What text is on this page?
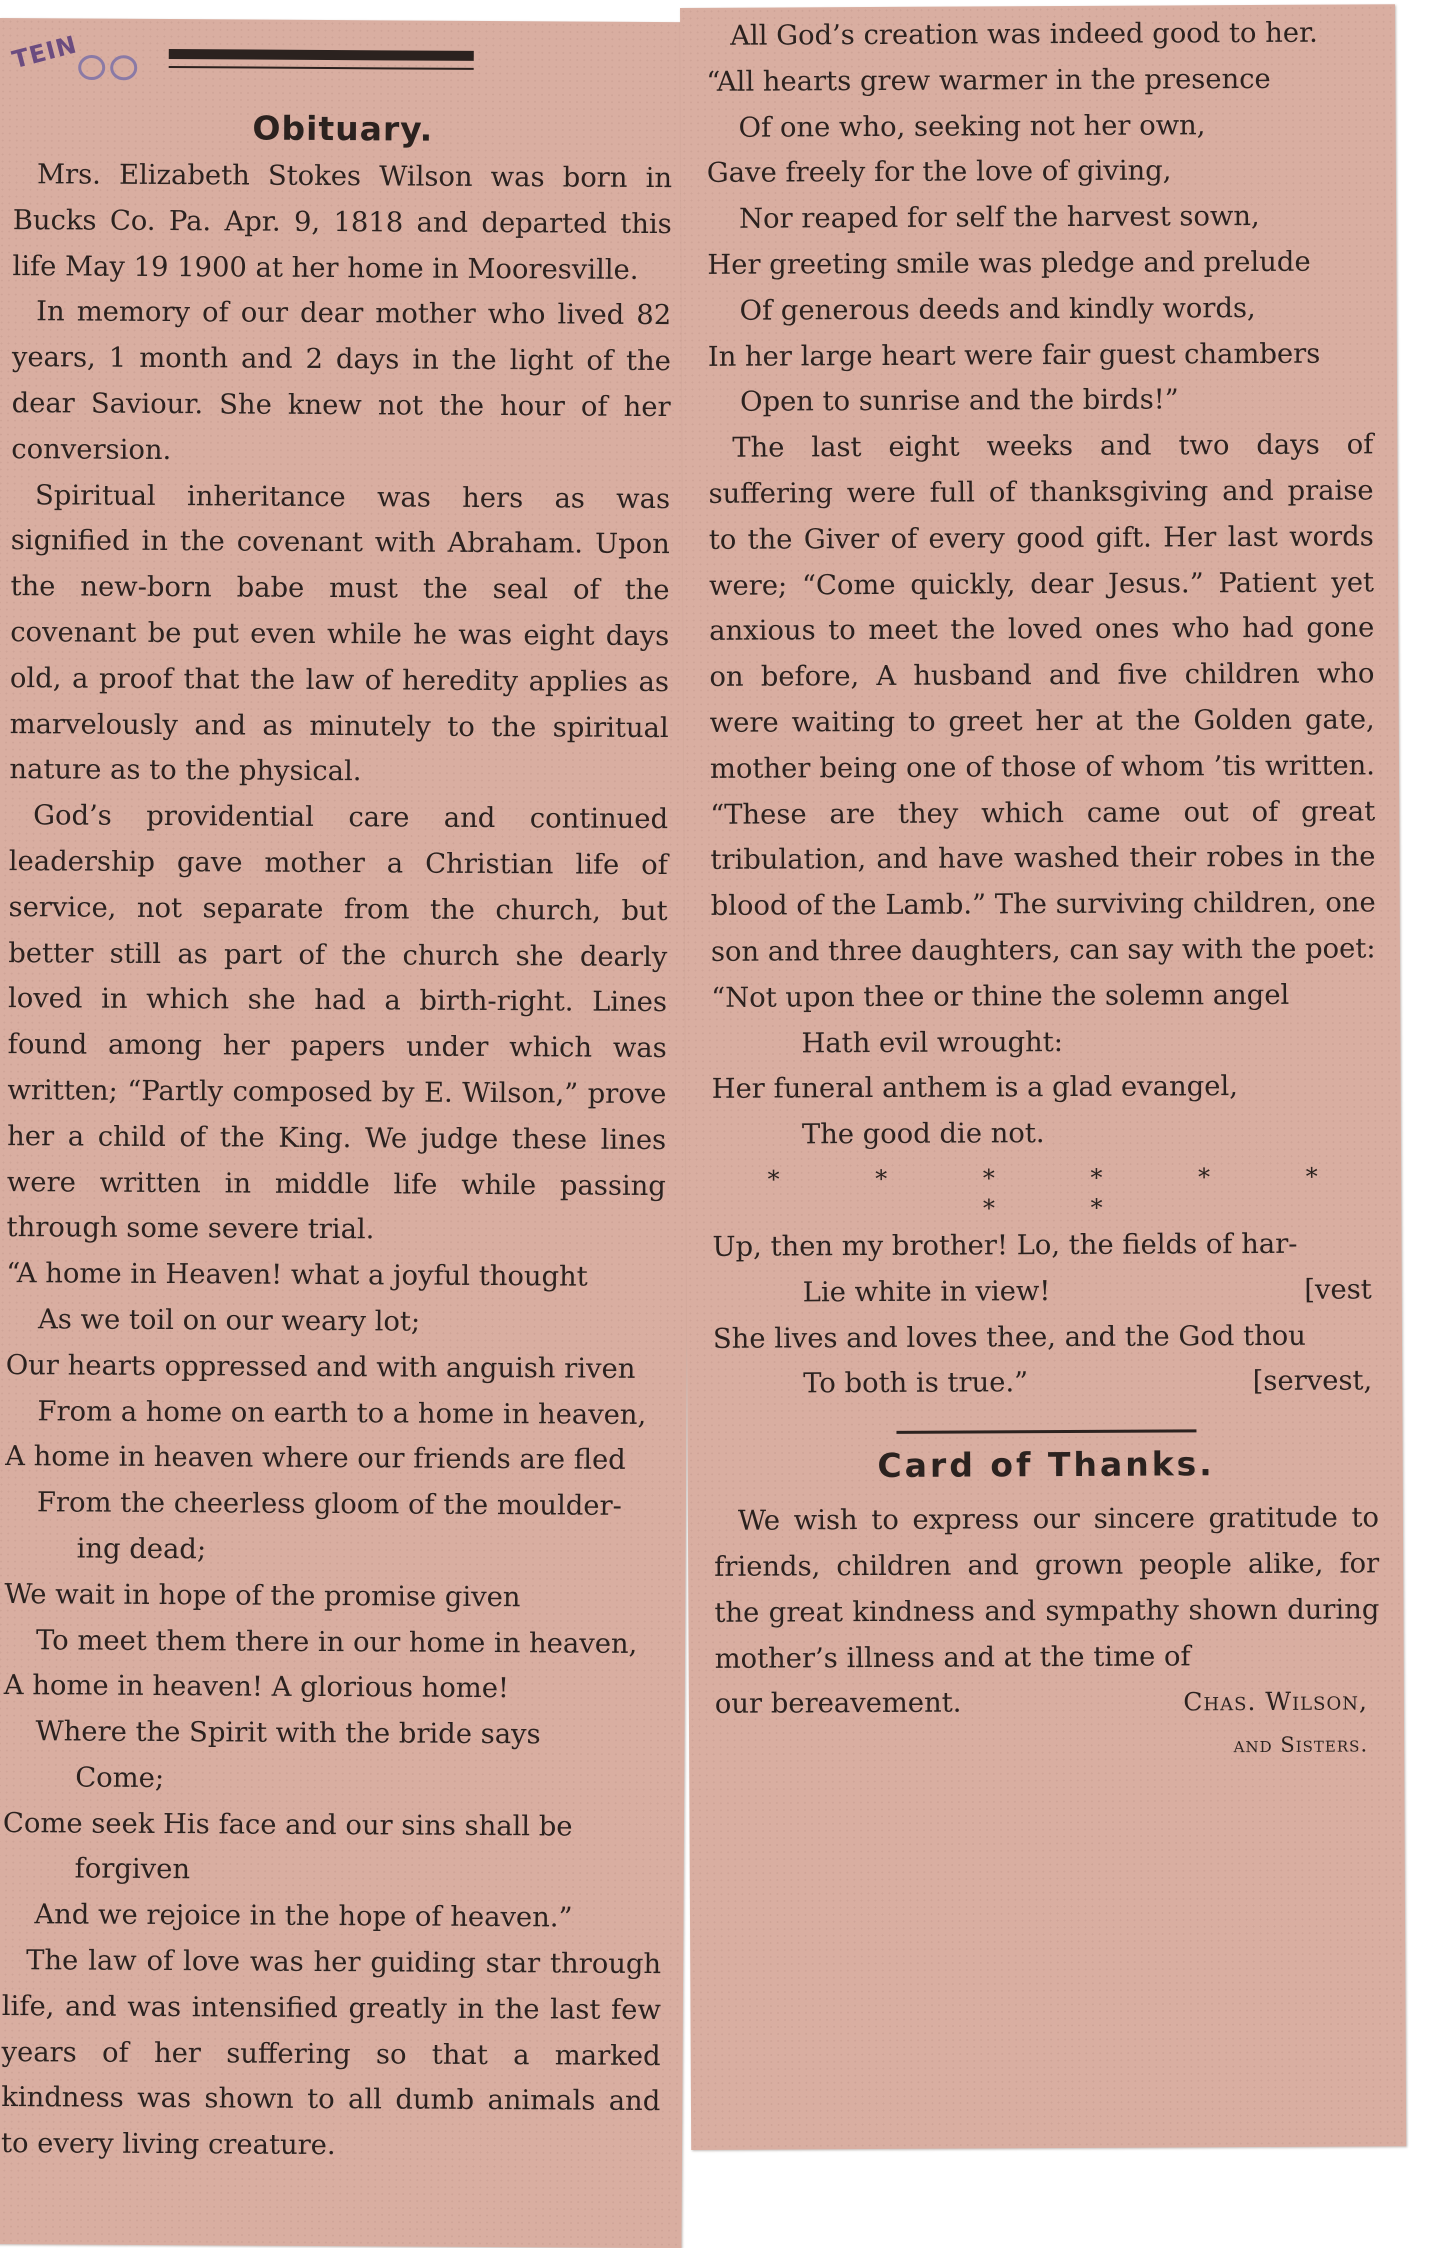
TEIN
Obituary.

Mrs. Elizabeth Stokes Wilson was born in Bucks Co. Pa. Apr. 9, 1818 and departed this life May 19 1900 at her home in Mooresville.

In memory of our dear mother who lived 82 years, 1 month and 2 days in the light of the dear Saviour. She knew not the hour of her conversion.

Spiritual inheritance was hers as was signified in the covenant with Abraham. Upon the new-born babe must the seal of the covenant be put even while he was eight days old, a proof that the law of heredity applies as marvelously and as minutely to the spiritual nature as to the physical.

God’s providential care and continued leadership gave mother a Christian life of service, not separate from the church, but better still as part of the church she dearly loved in which she had a birth-right. Lines found among her papers under which was written; “Partly composed by E. Wilson,” prove her a child of the King. We judge these lines were written in middle life while passing through some severe trial.

“A home in Heaven! what a joyful thought
As we toil on our weary lot;
Our hearts oppressed and with anguish riven
From a home on earth to a home in heaven,
A home in heaven where our friends are fled
From the cheerless gloom of the moulder-
ing dead;
We wait in hope of the promise given
To meet them there in our home in heaven,
A home in heaven! A glorious home!
Where the Spirit with the bride says
Come;
Come seek His face and our sins shall be
forgiven
And we rejoice in the hope of heaven.”

The law of love was her guiding star through life, and was intensified greatly in the last few years of her suffering so that a marked kindness was shown to all dumb animals and to every living creature.

All God’s creation was indeed good to her.

“All hearts grew warmer in the presence
Of one who, seeking not her own,
Gave freely for the love of giving,
Nor reaped for self the harvest sown,
Her greeting smile was pledge and prelude
Of generous deeds and kindly words,
In her large heart were fair guest chambers
Open to sunrise and the birds!”

The last eight weeks and two days of suffering were full of thanksgiving and praise to the Giver of every good gift. Her last words were; “Come quickly, dear Jesus.” Patient yet anxious to meet the loved ones who had gone on before, A husband and five children who were waiting to greet her at the Golden gate, mother being one of those of whom ’tis written. “These are they which came out of great tribulation, and have washed their robes in the blood of the Lamb.” The surviving children, one son and three daughters, can say with the poet:

“Not upon thee or thine the solemn angel
Hath evil wrought:
Her funeral anthem is a glad evangel,
The good die not.
* * * * * * * *
Up, then my brother! Lo, the fields of har-
Lie white in view!	[vest
She lives and loves thee, and the God thou
To both is true.”	[servest,
Card of Thanks.

We wish to express our sincere gratitude to friends, children and grown people alike, for the great kindness and sympathy shown during mother’s illness and at the time of

our bereavement.	Chas. Wilson,
and Sisters.
